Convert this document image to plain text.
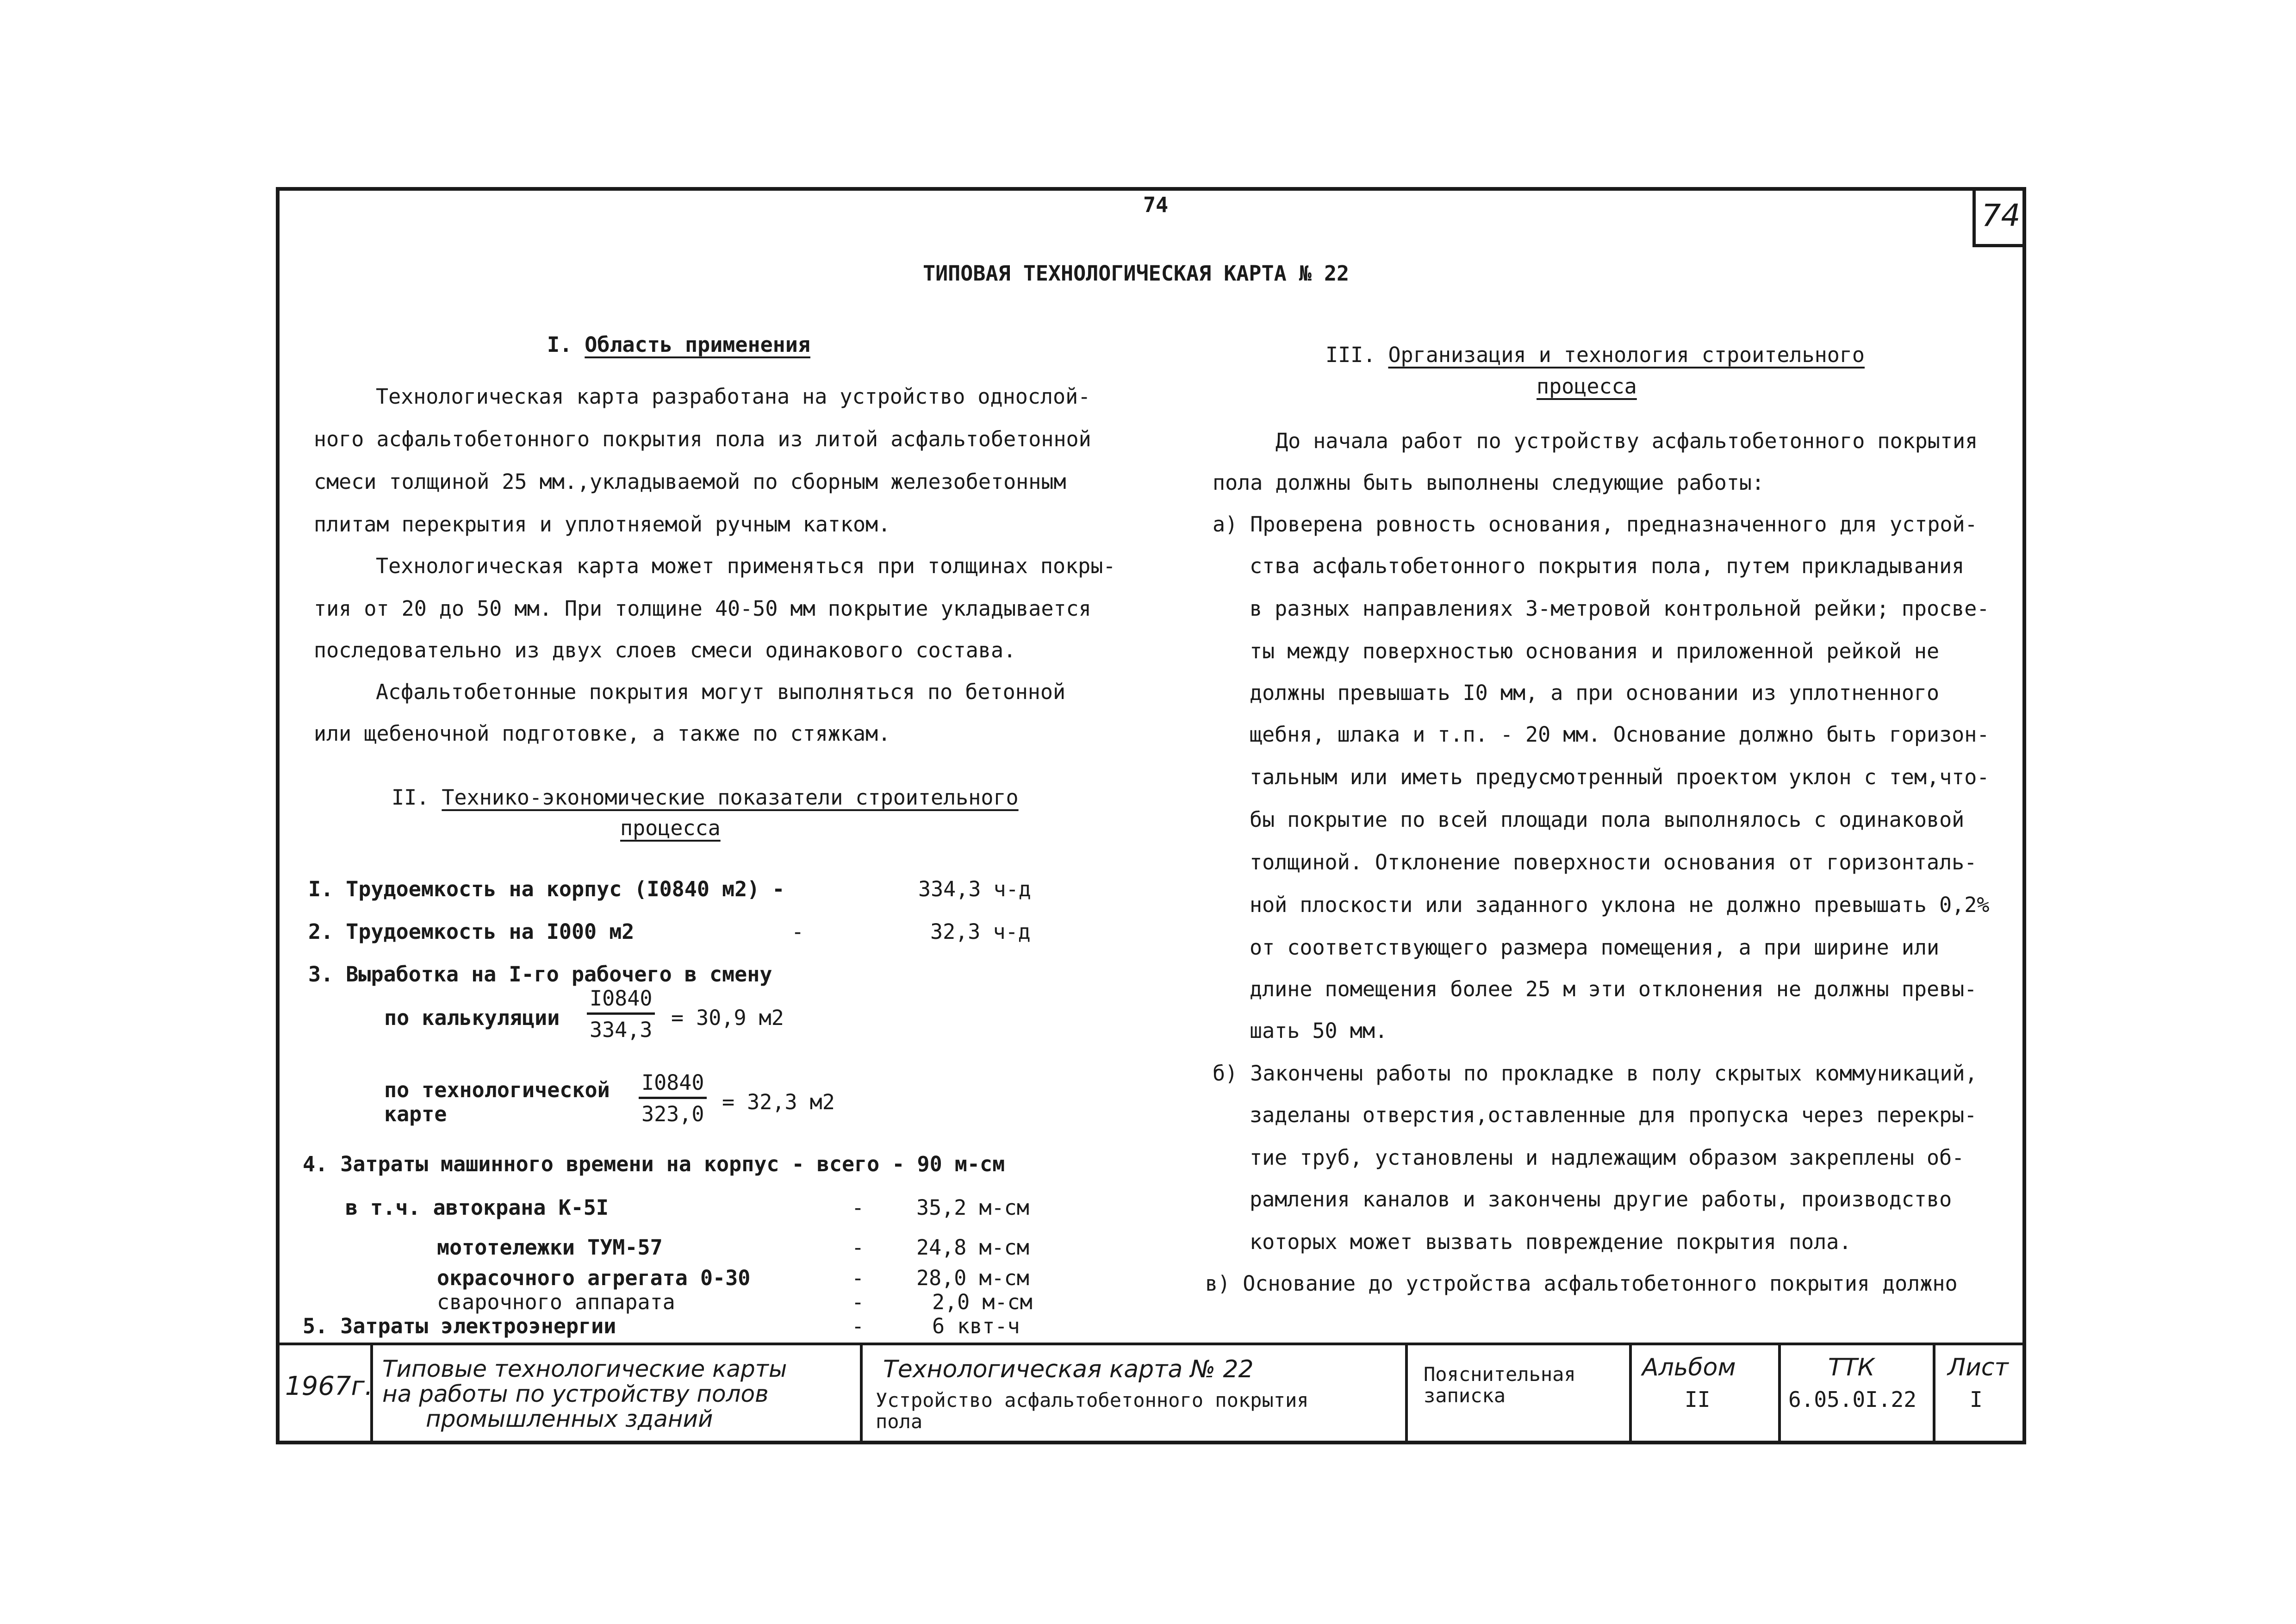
74	74
ТИПОВАЯ ТЕХНОЛОГИЧЕСКАЯ КАРТА № 22
I. Область применения
Технологическая карта разработана на устройство однослой-
ного асфальтобетонного покрытия пола из литой асфальтобетонной
смеси толщиной 25 мм.,укладываемой по сборным железобетонным
плитам перекрытия и уплотняемой ручным катком.
Технологическая карта может применяться при толщинах покры-
тия от 20 до 50 мм. При толщине 40-50 мм покрытие укладывается
последовательно из двух слоев смеси одинакового состава.
Асфальтобетонные покрытия могут выполняться по бетонной
или щебеночной подготовке, а также по стяжкам.
II. Технико-экономические показатели строительного
процесса
I. Трудоемкость на корпус (I0840 м2) -	334,3 ч-д
2. Трудоемкость на I000 м2	-	32,3 ч-д
3. Выработка на I-го рабочего в смену
по калькуляции $\frac{I0840}{334,3} = 30,9$ м2
по технологической
карте	$\frac{I0840}{323,0} = 32,3$ м2
4. Затраты машинного времени на корпус - всего - 90 м-см
в т.ч. автокрана К-5I	-	35,2 м-см
мототележки ТУМ-57	-	24,8 м-см
окрасочного агрегата 0-30	-	28,0 м-см
сварочного аппарата	-	2,0 м-см
5. Затраты электроэнергии	-	6 квт-ч
III. Организация и технология строительного
процесса
До начала работ по устройству асфальтобетонного покрытия
пола должны быть выполнены следующие работы:
а) Проверена ровность основания, предназначенного для устрой-
ства асфальтобетонного покрытия пола, путем прикладывания
в разных направлениях 3-метровой контрольной рейки; просве-
ты между поверхностью основания и приложенной рейкой не
должны превышать I0 мм, а при основании из уплотненного
щебня, шлака и т.п. - 20 мм. Основание должно быть горизон-
тальным или иметь предусмотренный проектом уклон с тем,что-
бы покрытие по всей площади пола выполнялось с одинаковой
толщиной. Отклонение поверхности основания от горизонталь-
ной плоскости или заданного уклона не должно превышать 0,2%
от соответствующего размера помещения, а при ширине или
длине помещения более 25 м эти отклонения не должны превы-
шать 50 мм.
б) Закончены работы по прокладке в полу скрытых коммуникаций,
заделаны отверстия,оставленные для пропуска через перекры-
тие труб, установлены и надлежащим образом закреплены об-
рамления каналов и закончены другие работы, производство
которых может вызвать повреждение покрытия пола.
в) Основание до устройства асфальтобетонного покрытия должно
1967г.
Типовые технологические карты
на работы по устройству полов
промышленных зданий
Технологическая карта № 22
Устройство асфальтобетонного покрытия
пола
Пояснительная
записка
Альбом
II
ТТК
6.05.0I.22
Лист
I
